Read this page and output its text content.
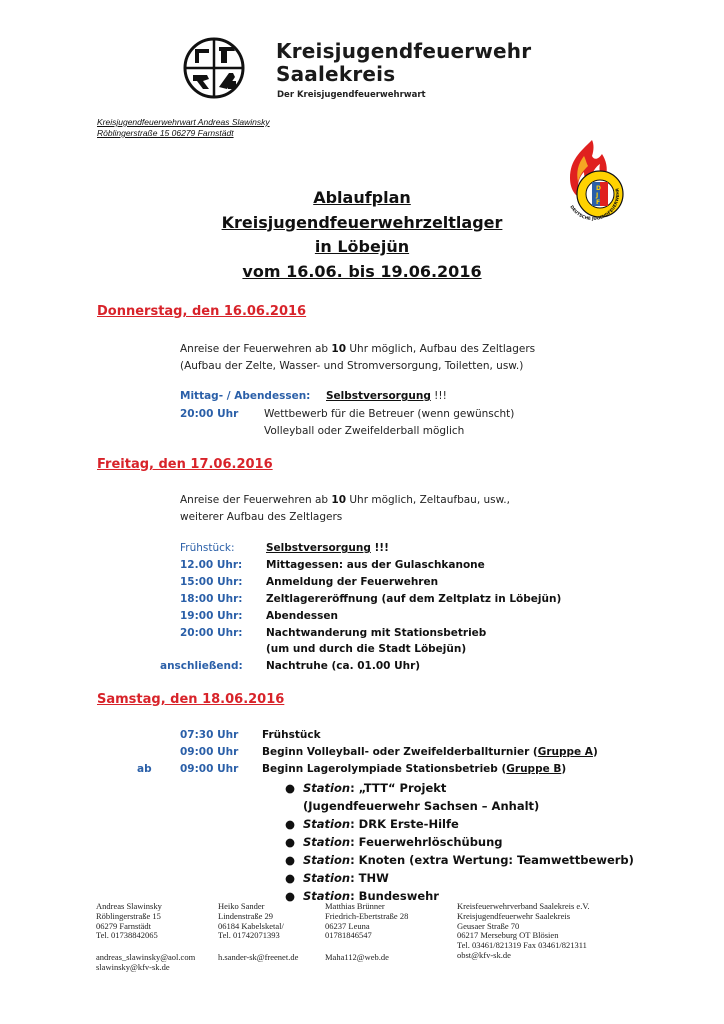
Kreisjugendfeuerwehr
Saalekreis
Der Kreisjugendfeuerwehrwart
Kreisjugendfeuerwehrwart Andreas Slawinsky
Röblingerstraße 15 06279 Farnstädt
D
J
F
DEUTSCHE JUGENDFEUERWEHR
Ablaufplan
Kreisjugendfeuerwehrzeltlager
in Löbejün
vom 16.06. bis 19.06.2016
Donnerstag, den 16.06.2016
Anreise der Feuerwehren ab 10 Uhr möglich, Aufbau des Zeltlagers
(Aufbau der Zelte, Wasser- und Stromversorgung, Toiletten, usw.)
Mittag- / Abendessen: Selbstversorgung !!!
20:00 Uhr Wettbewerb für die Betreuer (wenn gewünscht)
Volleyball oder Zweifelderball möglich
Freitag, den 17.06.2016
Anreise der Feuerwehren ab 10 Uhr möglich, Zeltaufbau, usw.,
weiterer Aufbau des Zeltlagers
Frühstück:	Selbstversorgung !!!
12.00 Uhr: Mittagessen: aus der Gulaschkanone
15:00 Uhr: Anmeldung der Feuerwehren
18:00 Uhr: Zeltlagereröffnung (auf dem Zeltplatz in Löbejün)
19:00 Uhr: Abendessen
20:00 Uhr: Nachtwanderung mit Stationsbetrieb
(um und durch die Stadt Löbejün)
anschließend: Nachtruhe (ca. 01.00 Uhr)
Samstag, den 18.06.2016
07:30 Uhr Frühstück
09:00 Uhr Beginn Volleyball- oder Zweifelderballturnier (Gruppe A)
ab	09:00 Uhr Beginn Lagerolympiade Stationsbetrieb (Gruppe B)
● Station: „TTT“ Projekt
(Jugendfeuerwehr Sachsen – Anhalt)
● Station: DRK Erste-Hilfe
● Station: Feuerwehrlöschübung
● Station: Knoten (extra Wertung: Teamwettbewerb)
● Station: THW
● Station: Bundeswehr
Andreas Slawinsky
Röblingerstraße 15
06279 Farnstädt
Tel. 01738842065
andreas_slawinsky@aol.com
slawinsky@kfv-sk.de
Heiko Sander
Lindenstraße 29
06184 Kabelsketal/
Tel. 01742071393
h.sander-sk@freenet.de
Matthias Brünner
Friedrich-Ebertstraße 28
06237 Leuna
01781846547
Maha112@web.de
Kreisfeuerwehrverband Saalekreis e.V.
Kreisjugendfeuerwehr Saalekreis
Geusaer Straße 70
06217 Merseburg OT Blösien
Tel. 03461/821319 Fax 03461/821311
obst@kfv-sk.de
